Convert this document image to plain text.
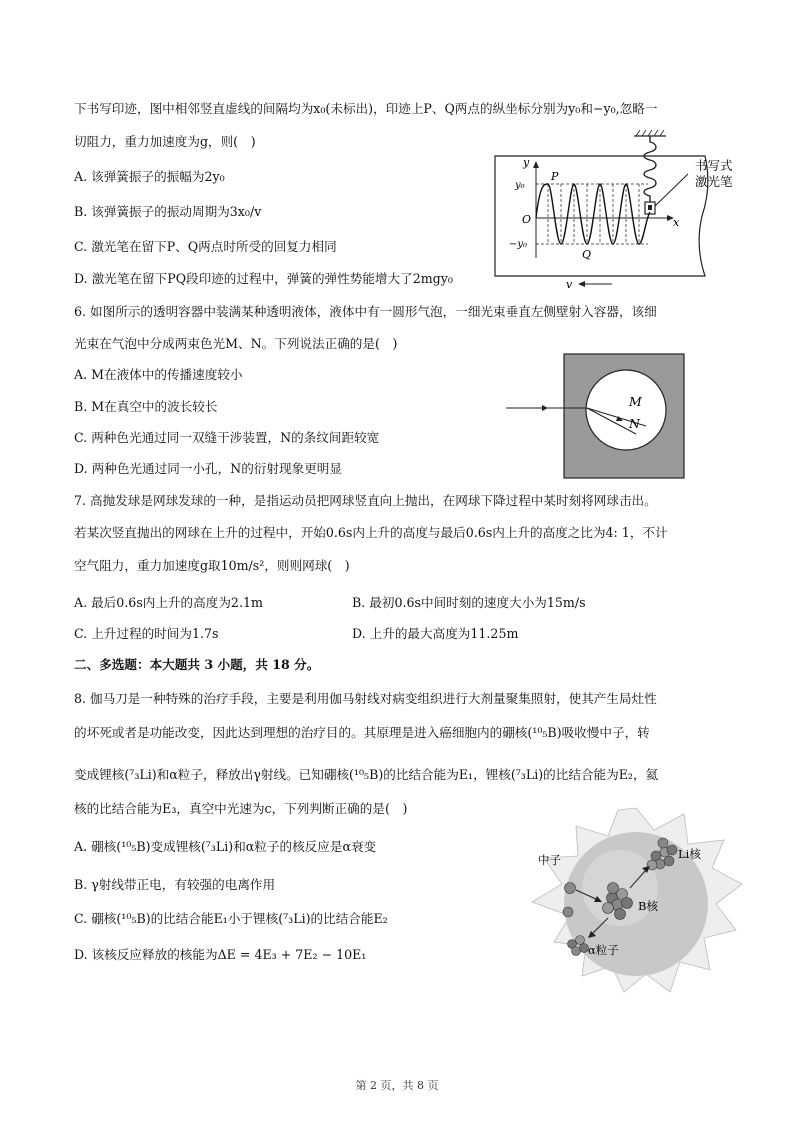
下书写印迹，图中相邻竖直虚线的间隔均为x₀(未标出)，印迹上P、Q两点的纵坐标分别为y₀和−y₀,忽略一
切阻力，重力加速度为g，则(　)
A. 该弹簧振子的振幅为2y₀
B. 该弹簧振子的振动周期为3x₀/v
C. 激光笔在留下P、Q两点时所受的回复力相同
D. 激光笔在留下PQ段印迹的过程中，弹簧的弹性势能增大了2mgy₀
书写式
激光笔
y
y₀
O
−y₀
x
P
Q
v
6. 如图所示的透明容器中装满某种透明液体，液体中有一圆形气泡，一细光束垂直左侧壁射入容器，该细
光束在气泡中分成两束色光M、N。下列说法正确的是(　)
A. M在液体中的传播速度较小
B. M在真空中的波长较长
C. 两种色光通过同一双缝干涉装置，N的条纹间距较宽
D. 两种色光通过同一小孔，N的衍射现象更明显
M
N
7. 高抛发球是网球发球的一种，是指运动员把网球竖直向上抛出，在网球下降过程中某时刻将网球击出。
若某次竖直抛出的网球在上升的过程中，开始0.6s内上升的高度与最后0.6s内上升的高度之比为4: 1，不计
空气阻力，重力加速度g取10m/s²，则则网球(　)
A. 最后0.6s内上升的高度为2.1m	B. 最初0.6s中间时刻的速度大小为15m/s
C. 上升过程的时间为1.7s	D. 上升的最大高度为11.25m
二、多选题：本大题共 3 小题，共 18 分。
8. 伽马刀是一种特殊的治疗手段，主要是利用伽马射线对病变组织进行大剂量聚集照射，使其产生局灶性
的坏死或者是功能改变，因此达到理想的治疗目的。其原理是进入癌细胞内的硼核(¹⁰₅B)吸收慢中子，转
变成锂核(⁷₃Li)和α粒子，释放出γ射线。已知硼核(¹⁰₅B)的比结合能为E₁，锂核(⁷₃Li)的比结合能为E₂，氦
核的比结合能为E₃，真空中光速为c，下列判断正确的是(　)
A. 硼核(¹⁰₅B)变成锂核(⁷₃Li)和α粒子的核反应是α衰变
B. γ射线带正电，有较强的电离作用
C. 硼核(¹⁰₅B)的比结合能E₁小于锂核(⁷₃Li)的比结合能E₂
D. 该核反应释放的核能为ΔE = 4E₃ + 7E₂ − 10E₁
B核
中子	Li核
α粒子
第 2 页，共 8 页
